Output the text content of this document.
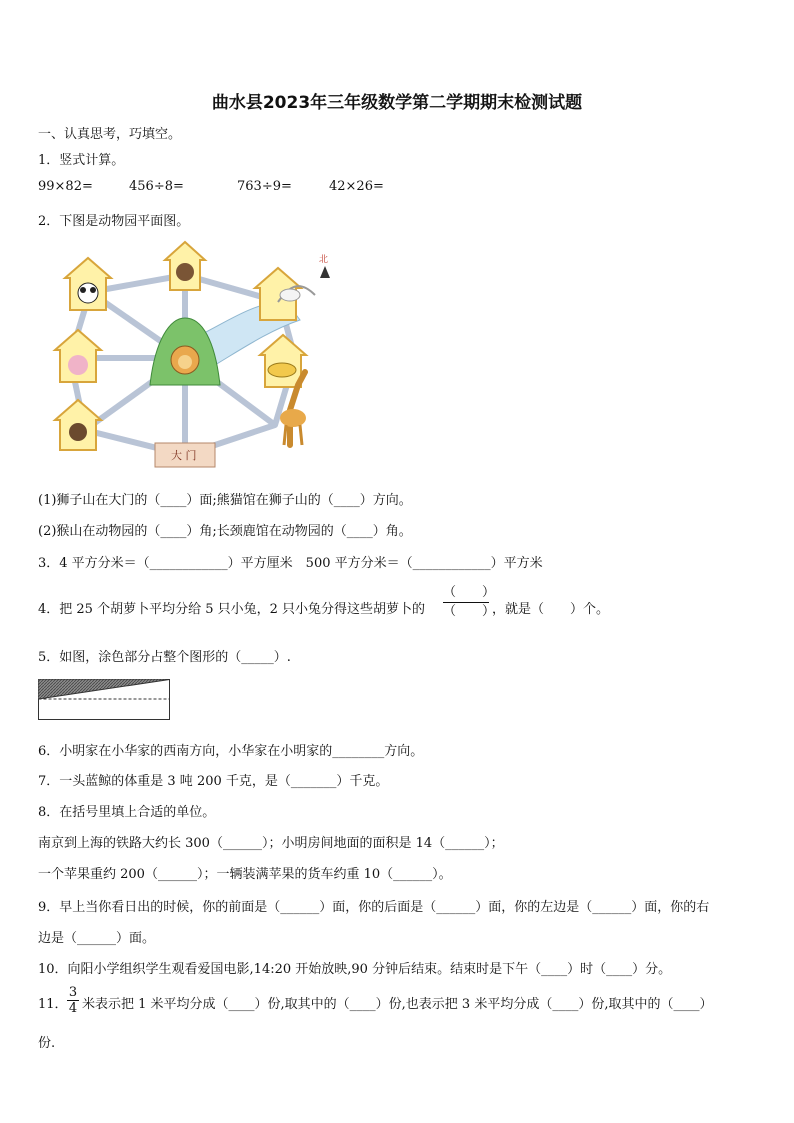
曲水县2023年三年级数学第二学期期末检测试题
一、认真思考，巧填空。
1．竖式计算。
99×82=	456÷8=	763÷9=	42×26=
2．下图是动物园平面图。
大 门
北
(1)狮子山在大门的（____）面;熊猫馆在狮子山的（____）方向。
(2)猴山在动物园的（____）角;长颈鹿馆在动物园的（____）角。
3．4 平方分米＝（____________）平方厘米　500 平方分米＝（____________）平方米
4．把 25 个胡萝卜平均分给 5 只小兔，2 只小兔分得这些胡萝卜的
（　　）
（　　）
，就是（　　）个。
5．如图，涂色部分占整个图形的（_____）.
6．小明家在小华家的西南方向，小华家在小明家的________方向。
7．一头蓝鲸的体重是 3 吨 200 千克，是（_______）千克。
8．在括号里填上合适的单位。
南京到上海的铁路大约长 300（______）；小明房间地面的面积是 14（______）；
一个苹果重约 200（______）；一辆装满苹果的货车约重 10（______）。
9．早上当你看日出的时候，你的前面是（______）面，你的后面是（______）面，你的左边是（______）面，你的右
边是（______）面。
10．向阳小学组织学生观看爱国电影,14:20 开始放映,90 分钟后结束。结束时是下午（____）时（____）分。
11． $\frac{3}{4}$ 米表示把 1 米平均分成（____）份,取其中的（____）份,也表示把 3 米平均分成（____）份,取其中的（____）
份.
